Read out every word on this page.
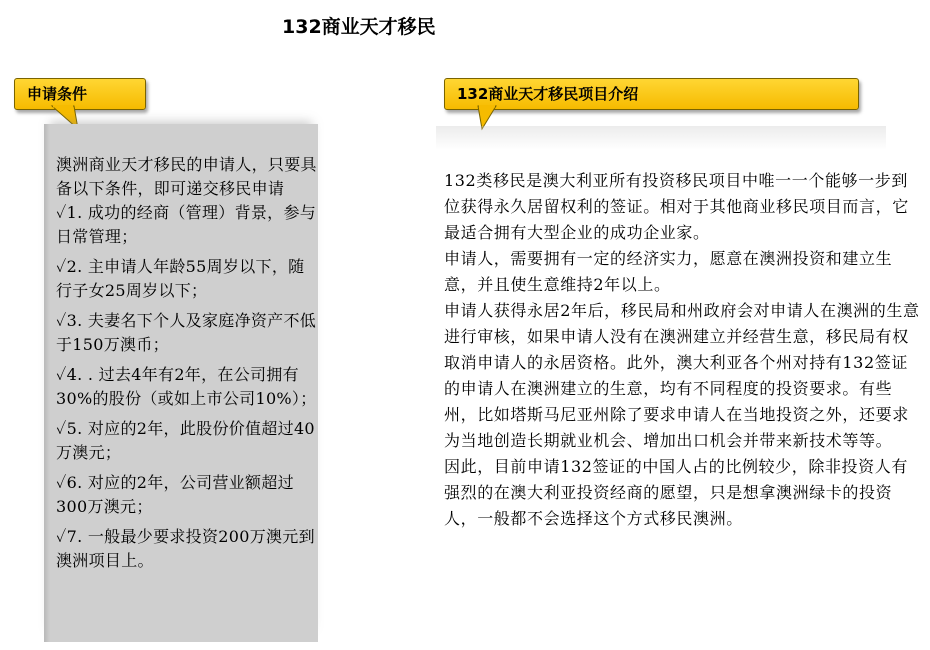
132商业天才移民
申请条件	132商业天才移民项目介绍

澳洲商业天才移民的申请人，只要具备以下条件，即可递交移民申请

✓1. 成功的经商（管理）背景，参与日常管理；

✓2. 主申请人年龄55周岁以下，随行子女25周岁以下；

✓3. 夫妻名下个人及家庭净资产不低于150万澳币；

✓4. . 过去4年有2年，在公司拥有30%的股份（或如上市公司10%）；

✓5. 对应的2年，此股份价值超过40万澳元；

✓6. 对应的2年，公司营业额超过300万澳元；

✓7. 一般最少要求投资200万澳元到澳洲项目上。

132类移民是澳大利亚所有投资移民项目中唯一一个能够一步到位获得永久居留权利的签证。相对于其他商业移民项目而言，它最适合拥有大型企业的成功企业家。

申请人，需要拥有一定的经济实力，愿意在澳洲投资和建立生意，并且使生意维持2年以上。

申请人获得永居2年后，移民局和州政府会对申请人在澳洲的生意进行审核，如果申请人没有在澳洲建立并经营生意，移民局有权取消申请人的永居资格。此外，澳大利亚各个州对持有132签证的申请人在澳洲建立的生意，均有不同程度的投资要求。有些州，比如塔斯马尼亚州除了要求申请人在当地投资之外，还要求为当地创造长期就业机会、增加出口机会并带来新技术等等。

因此，目前申请132签证的中国人占的比例较少，除非投资人有强烈的在澳大利亚投资经商的愿望，只是想拿澳洲绿卡的投资人，一般都不会选择这个方式移民澳洲。
